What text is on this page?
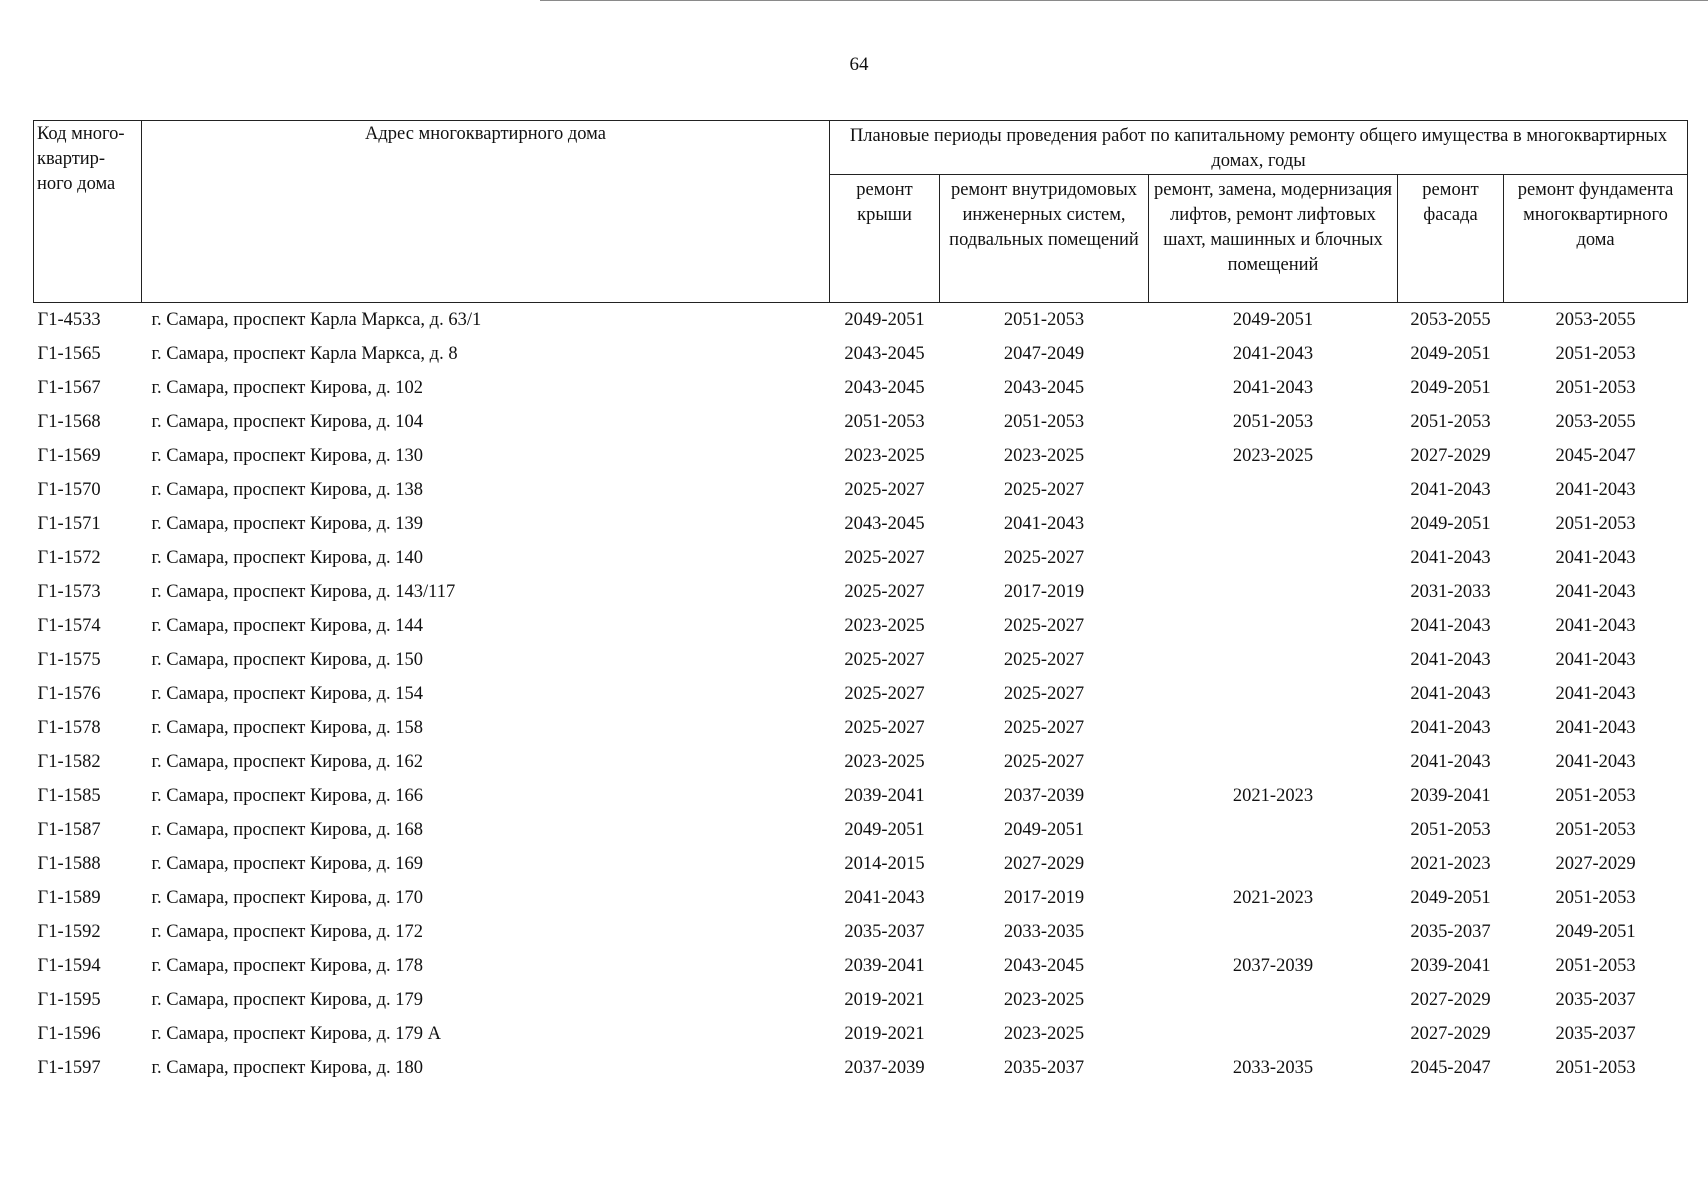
64
Код много-квартир-ного дома	Адрес многоквартирного дома	Плановые периоды проведения работ по капитальному ремонту общего имущества в многоквартирных домах, годы				
		ремонт крыши	ремонт внутридомовых инженерных систем, подвальных помещений	ремонт, замена, модернизация лифтов, ремонт лифтовых шахт, машинных и блочных помещений	ремонт фасада	ремонт фундамента многоквартирного дома
Г1-4533	г. Самара, проспект Карла Маркса, д. 63/1	2049-2051	2051-2053	2049-2051	2053-2055	2053-2055
Г1-1565	г. Самара, проспект Карла Маркса, д. 8	2043-2045	2047-2049	2041-2043	2049-2051	2051-2053
Г1-1567	г. Самара, проспект Кирова, д. 102	2043-2045	2043-2045	2041-2043	2049-2051	2051-2053
Г1-1568	г. Самара, проспект Кирова, д. 104	2051-2053	2051-2053	2051-2053	2051-2053	2053-2055
Г1-1569	г. Самара, проспект Кирова, д. 130	2023-2025	2023-2025	2023-2025	2027-2029	2045-2047
Г1-1570	г. Самара, проспект Кирова, д. 138	2025-2027	2025-2027		2041-2043	2041-2043
Г1-1571	г. Самара, проспект Кирова, д. 139	2043-2045	2041-2043		2049-2051	2051-2053
Г1-1572	г. Самара, проспект Кирова, д. 140	2025-2027	2025-2027		2041-2043	2041-2043
Г1-1573	г. Самара, проспект Кирова, д. 143/117	2025-2027	2017-2019		2031-2033	2041-2043
Г1-1574	г. Самара, проспект Кирова, д. 144	2023-2025	2025-2027		2041-2043	2041-2043
Г1-1575	г. Самара, проспект Кирова, д. 150	2025-2027	2025-2027		2041-2043	2041-2043
Г1-1576	г. Самара, проспект Кирова, д. 154	2025-2027	2025-2027		2041-2043	2041-2043
Г1-1578	г. Самара, проспект Кирова, д. 158	2025-2027	2025-2027		2041-2043	2041-2043
Г1-1582	г. Самара, проспект Кирова, д. 162	2023-2025	2025-2027		2041-2043	2041-2043
Г1-1585	г. Самара, проспект Кирова, д. 166	2039-2041	2037-2039	2021-2023	2039-2041	2051-2053
Г1-1587	г. Самара, проспект Кирова, д. 168	2049-2051	2049-2051		2051-2053	2051-2053
Г1-1588	г. Самара, проспект Кирова, д. 169	2014-2015	2027-2029		2021-2023	2027-2029
Г1-1589	г. Самара, проспект Кирова, д. 170	2041-2043	2017-2019	2021-2023	2049-2051	2051-2053
Г1-1592	г. Самара, проспект Кирова, д. 172	2035-2037	2033-2035		2035-2037	2049-2051
Г1-1594	г. Самара, проспект Кирова, д. 178	2039-2041	2043-2045	2037-2039	2039-2041	2051-2053
Г1-1595	г. Самара, проспект Кирова, д. 179	2019-2021	2023-2025		2027-2029	2035-2037
Г1-1596	г. Самара, проспект Кирова, д. 179 А	2019-2021	2023-2025		2027-2029	2035-2037
Г1-1597	г. Самара, проспект Кирова, д. 180	2037-2039	2035-2037	2033-2035	2045-2047	2051-2053
